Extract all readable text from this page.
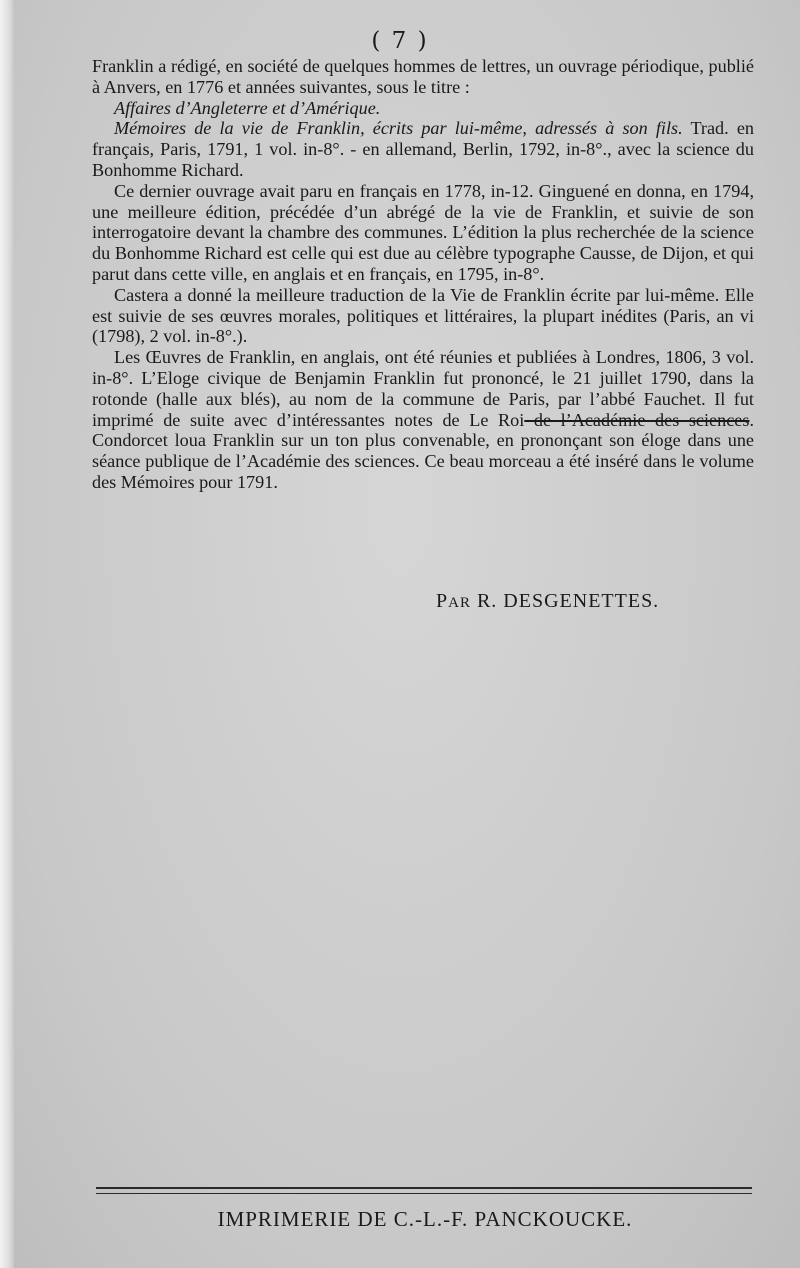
( 7 )

Franklin a rédigé, en société de quelques hommes de lettres, un ouvrage périodique, publié à Anvers, en 1776 et années suivantes, sous le titre :

Affaires d’Angleterre et d’Amérique.

Mémoires de la vie de Franklin, écrits par lui-même, adressés à son fils. Trad. en français, Paris, 1791, 1 vol. in-8°. - en allemand, Berlin, 1792, in-8°., avec la science du Bonhomme Richard.

Ce dernier ouvrage avait paru en français en 1778, in-12. Ginguené en donna, en 1794, une meilleure édition, précédée d’un abrégé de la vie de Franklin, et suivie de son interrogatoire devant la chambre des communes. L’édition la plus recherchée de la science du Bonhomme Richard est celle qui est due au célèbre typographe Causse, de Dijon, et qui parut dans cette ville, en anglais et en français, en 1795, in-8°.

Castera a donné la meilleure traduction de la Vie de Franklin écrite par lui-même. Elle est suivie de ses œuvres morales, politiques et littéraires, la plupart inédites (Paris, an vi (1798), 2 vol. in-8°.).

Les Œuvres de Franklin, en anglais, ont été réunies et publiées à Londres, 1806, 3 vol. in-8°. L’Eloge civique de Benjamin Franklin fut prononcé, le 21 juillet 1790, dans la rotonde (halle aux blés), au nom de la commune de Paris, par l’abbé Fauchet. Il fut imprimé de suite avec d’intéressantes notes de Le Roi de l’Académie des sciences. Condorcet loua Franklin sur un ton plus convenable, en prononçant son éloge dans une séance publique de l’Académie des sciences. Ce beau morceau a été inséré dans le volume des Mémoires pour 1791.

PAR R. DESGENETTES.
IMPRIMERIE DE C.-L.-F. PANCKOUCKE.
